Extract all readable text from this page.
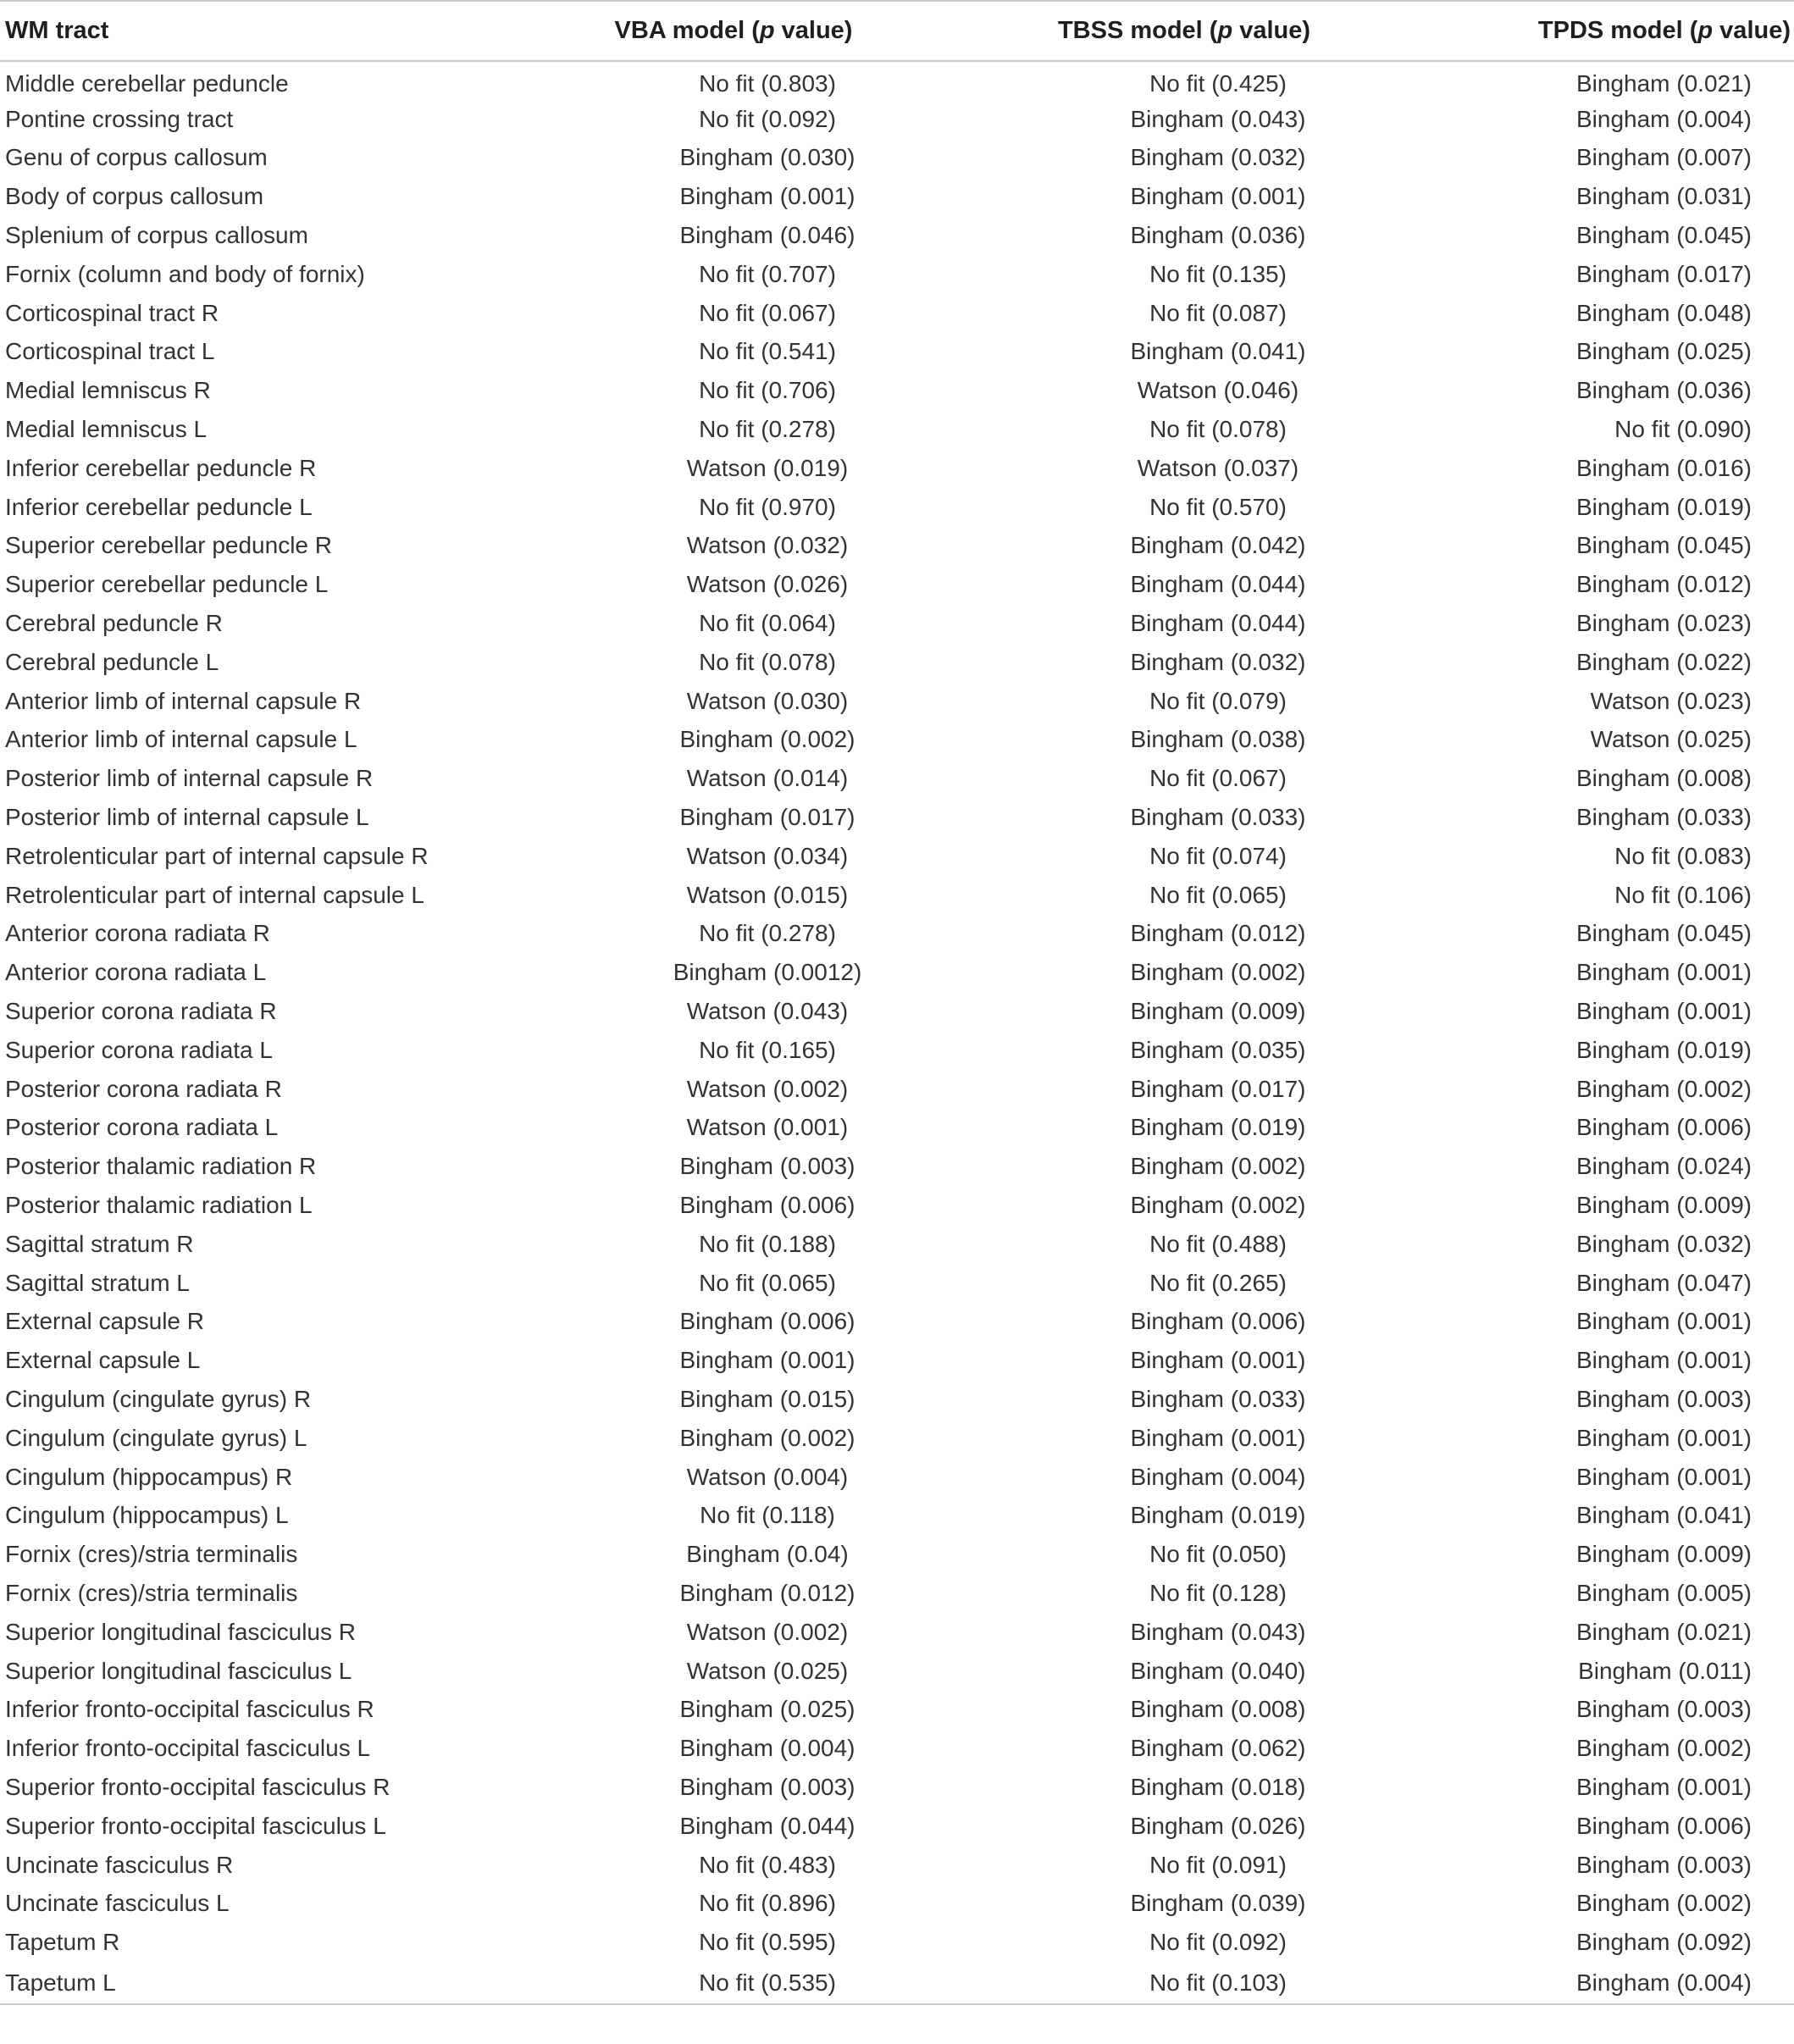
WM tract	VBA model (p value)	TBSS model (p value)	TPDS model (p value)
Middle cerebellar peduncle	No fit (0.803)	No fit (0.425)	Bingham (0.021)
Pontine crossing tract	No fit (0.092)	Bingham (0.043)	Bingham (0.004)
Genu of corpus callosum	Bingham (0.030)	Bingham (0.032)	Bingham (0.007)
Body of corpus callosum	Bingham (0.001)	Bingham (0.001)	Bingham (0.031)
Splenium of corpus callosum	Bingham (0.046)	Bingham (0.036)	Bingham (0.045)
Fornix (column and body of fornix)	No fit (0.707)	No fit (0.135)	Bingham (0.017)
Corticospinal tract R	No fit (0.067)	No fit (0.087)	Bingham (0.048)
Corticospinal tract L	No fit (0.541)	Bingham (0.041)	Bingham (0.025)
Medial lemniscus R	No fit (0.706)	Watson (0.046)	Bingham (0.036)
Medial lemniscus L	No fit (0.278)	No fit (0.078)	No fit (0.090)
Inferior cerebellar peduncle R	Watson (0.019)	Watson (0.037)	Bingham (0.016)
Inferior cerebellar peduncle L	No fit (0.970)	No fit (0.570)	Bingham (0.019)
Superior cerebellar peduncle R	Watson (0.032)	Bingham (0.042)	Bingham (0.045)
Superior cerebellar peduncle L	Watson (0.026)	Bingham (0.044)	Bingham (0.012)
Cerebral peduncle R	No fit (0.064)	Bingham (0.044)	Bingham (0.023)
Cerebral peduncle L	No fit (0.078)	Bingham (0.032)	Bingham (0.022)
Anterior limb of internal capsule R	Watson (0.030)	No fit (0.079)	Watson (0.023)
Anterior limb of internal capsule L	Bingham (0.002)	Bingham (0.038)	Watson (0.025)
Posterior limb of internal capsule R	Watson (0.014)	No fit (0.067)	Bingham (0.008)
Posterior limb of internal capsule L	Bingham (0.017)	Bingham (0.033)	Bingham (0.033)
Retrolenticular part of internal capsule R	Watson (0.034)	No fit (0.074)	No fit (0.083)
Retrolenticular part of internal capsule L	Watson (0.015)	No fit (0.065)	No fit (0.106)
Anterior corona radiata R	No fit (0.278)	Bingham (0.012)	Bingham (0.045)
Anterior corona radiata L	Bingham (0.0012)	Bingham (0.002)	Bingham (0.001)
Superior corona radiata R	Watson (0.043)	Bingham (0.009)	Bingham (0.001)
Superior corona radiata L	No fit (0.165)	Bingham (0.035)	Bingham (0.019)
Posterior corona radiata R	Watson (0.002)	Bingham (0.017)	Bingham (0.002)
Posterior corona radiata L	Watson (0.001)	Bingham (0.019)	Bingham (0.006)
Posterior thalamic radiation R	Bingham (0.003)	Bingham (0.002)	Bingham (0.024)
Posterior thalamic radiation L	Bingham (0.006)	Bingham (0.002)	Bingham (0.009)
Sagittal stratum R	No fit (0.188)	No fit (0.488)	Bingham (0.032)
Sagittal stratum L	No fit (0.065)	No fit (0.265)	Bingham (0.047)
External capsule R	Bingham (0.006)	Bingham (0.006)	Bingham (0.001)
External capsule L	Bingham (0.001)	Bingham (0.001)	Bingham (0.001)
Cingulum (cingulate gyrus) R	Bingham (0.015)	Bingham (0.033)	Bingham (0.003)
Cingulum (cingulate gyrus) L	Bingham (0.002)	Bingham (0.001)	Bingham (0.001)
Cingulum (hippocampus) R	Watson (0.004)	Bingham (0.004)	Bingham (0.001)
Cingulum (hippocampus) L	No fit (0.118)	Bingham (0.019)	Bingham (0.041)
Fornix (cres)/stria terminalis	Bingham (0.04)	No fit (0.050)	Bingham (0.009)
Fornix (cres)/stria terminalis	Bingham (0.012)	No fit (0.128)	Bingham (0.005)
Superior longitudinal fasciculus R	Watson (0.002)	Bingham (0.043)	Bingham (0.021)
Superior longitudinal fasciculus L	Watson (0.025)	Bingham (0.040)	Bingham (0.011)
Inferior fronto-occipital fasciculus R	Bingham (0.025)	Bingham (0.008)	Bingham (0.003)
Inferior fronto-occipital fasciculus L	Bingham (0.004)	Bingham (0.062)	Bingham (0.002)
Superior fronto-occipital fasciculus R	Bingham (0.003)	Bingham (0.018)	Bingham (0.001)
Superior fronto-occipital fasciculus L	Bingham (0.044)	Bingham (0.026)	Bingham (0.006)
Uncinate fasciculus R	No fit (0.483)	No fit (0.091)	Bingham (0.003)
Uncinate fasciculus L	No fit (0.896)	Bingham (0.039)	Bingham (0.002)
Tapetum R	No fit (0.595)	No fit (0.092)	Bingham (0.092)
Tapetum L	No fit (0.535)	No fit (0.103)	Bingham (0.004)
